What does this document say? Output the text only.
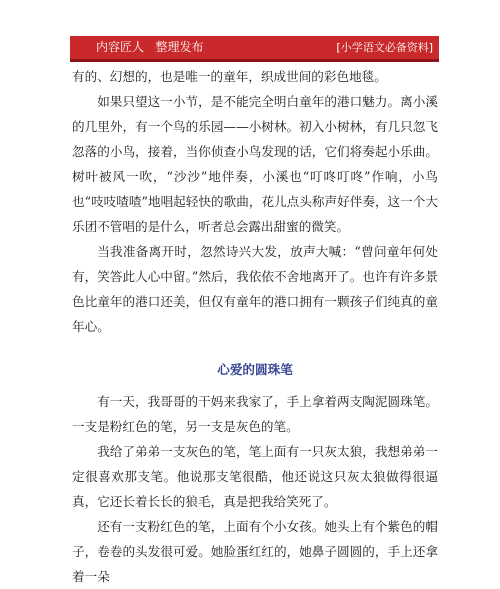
内容匠人   整理发布	[小学语文必备资料]

有的、幻想的，也是唯一的童年，织成世间的彩色地毯。

如果只望这一小节，是不能完全明白童年的港口魅力。离小溪的几里外，有一个鸟的乐园——小树林。初入小树林，有几只忽飞忽落的小鸟，接着，当你侦查小鸟发现的话，它们将奏起小乐曲。树叶被风一吹，“沙沙”地伴奏，小溪也“叮咚叮咚”作响，小鸟也“吱吱喳喳”地唱起轻快的歌曲，花儿点头称声好伴奏，这一个大乐团不管唱的是什么，听者总会露出甜蜜的微笑。

当我准备离开时，忽然诗兴大发，放声大喊：“曾问童年何处有，笑答此人心中留。”然后，我依依不舍地离开了。也许有许多景色比童年的港口还美，但仅有童年的港口拥有一颗孩子们纯真的童年心。

心爱的圆珠笔

有一天，我哥哥的干妈来我家了，手上拿着两支陶泥圆珠笔。一支是粉红色的笔，另一支是灰色的笔。

我给了弟弟一支灰色的笔，笔上面有一只灰太狼，我想弟弟一定很喜欢那支笔。他说那支笔很酷，他还说这只灰太狼做得很逼真，它还长着长长的狼毛，真是把我给笑死了。

还有一支粉红色的笔，上面有个小女孩。她头上有个紫色的帽子，卷卷的头发很可爱。她脸蛋红红的，她鼻子圆圆的，手上还拿着一朵
